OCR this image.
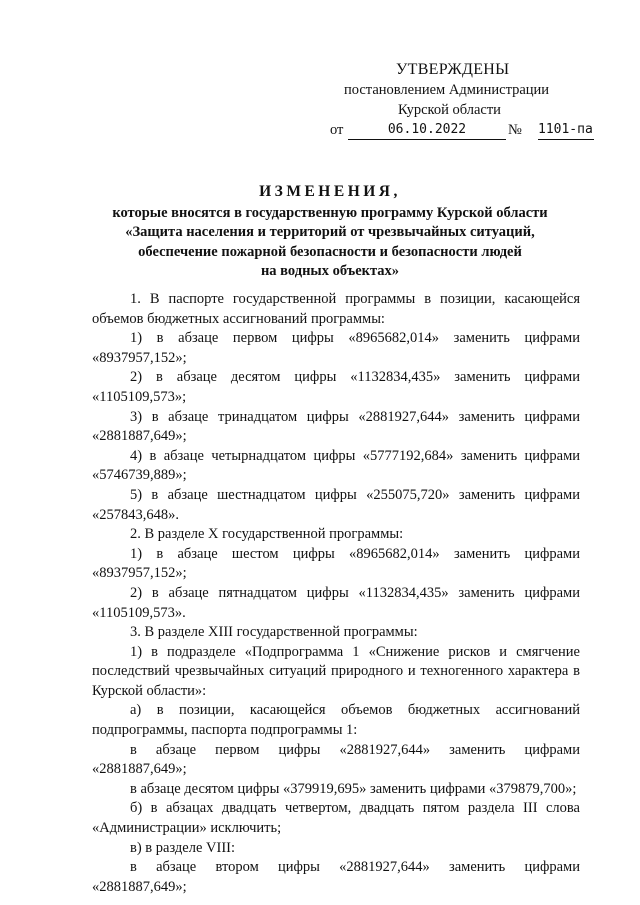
УТВЕРЖДЕНЫ
постановлением Администрации
Курской области
от	06.10.2022	№ 1101-па
ИЗМЕНЕНИЯ,
которые вносятся в государственную программу Курской области
«Защита населения и территорий от чрезвычайных ситуаций,
обеспечение пожарной безопасности и безопасности людей
на водных объектах»

1. В паспорте государственной программы в позиции, касающейся объемов бюджетных ассигнований программы:

1) в абзаце первом цифры «8965682,014» заменить цифрами «8937957,152»;

2) в абзаце десятом цифры «1132834,435» заменить цифрами «1105109,573»;

3) в абзаце тринадцатом цифры «2881927,644» заменить цифрами «2881887,649»;

4) в абзаце четырнадцатом цифры «5777192,684» заменить цифрами «5746739,889»;

5) в абзаце шестнадцатом цифры «255075,720» заменить цифрами «257843,648».

2. В разделе X государственной программы:

1) в абзаце шестом цифры «8965682,014» заменить цифрами «8937957,152»;

2) в абзаце пятнадцатом цифры «1132834,435» заменить цифрами «1105109,573».

3. В разделе XIII государственной программы:

1) в подразделе «Подпрограмма 1 «Снижение рисков и смягчение последствий чрезвычайных ситуаций природного и техногенного характера в Курской области»:

а) в позиции, касающейся объемов бюджетных ассигнований подпрограммы, паспорта подпрограммы 1:

в абзаце первом цифры «2881927,644» заменить цифрами «2881887,649»;

в абзаце десятом цифры «379919,695» заменить цифрами «379879,700»;

б) в абзацах двадцать четвертом, двадцать пятом раздела III слова «Администрации» исключить;

в) в разделе VIII:

в абзаце втором цифры «2881927,644» заменить цифрами «2881887,649»;
